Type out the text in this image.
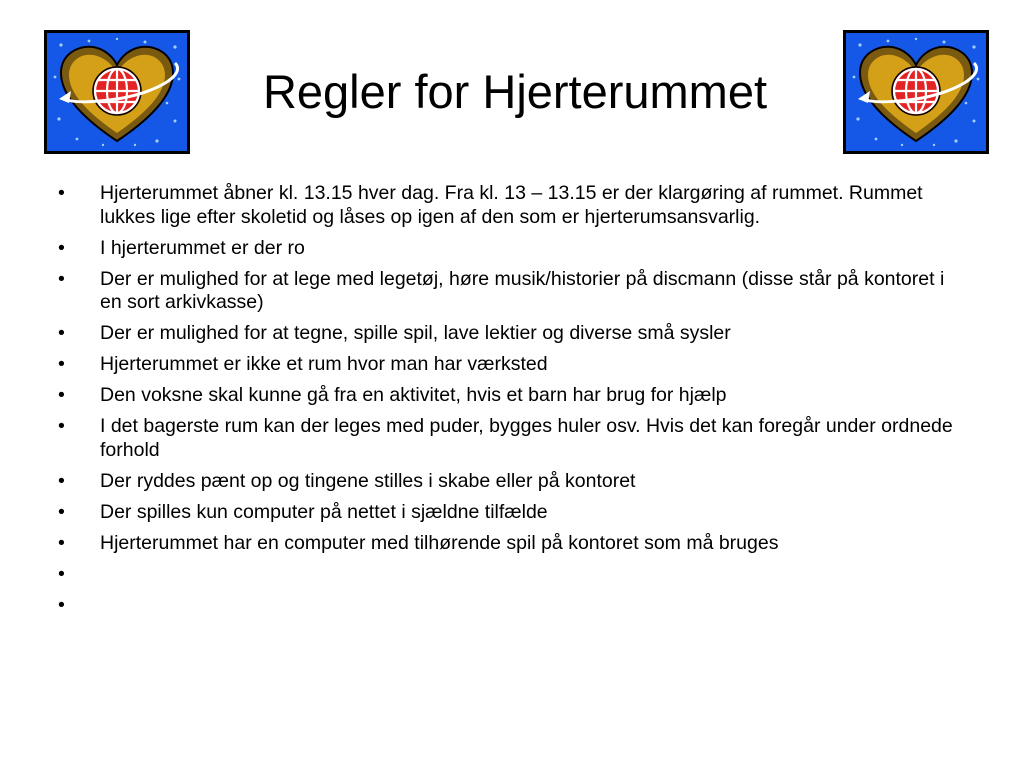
Regler for Hjerterummet
•	Hjerterummet åbner kl. 13.15 hver dag. Fra kl. 13 – 13.15 er der klargøring af rummet. Rummet lukkes lige efter skoletid og låses op igen af den som er hjerterumsansvarlig.
•	I hjerterummet er der ro
•	Der er mulighed for at lege med legetøj, høre musik/historier på discmann (disse står på kontoret i en sort arkivkasse)
•	Der er mulighed for at tegne, spille spil, lave lektier og diverse små sysler
•	Hjerterummet er ikke et rum hvor man har værksted
•	Den voksne skal kunne gå fra en aktivitet, hvis et barn har brug for hjælp
•	I det bagerste rum kan der leges med puder, bygges huler osv. Hvis det kan foregår under ordnede forhold
•	Der ryddes pænt op og tingene stilles i skabe eller på kontoret
•	Der spilles kun computer på nettet i sjældne tilfælde
•	Hjerterummet har en computer med tilhørende spil på kontoret som må bruges
•
•
